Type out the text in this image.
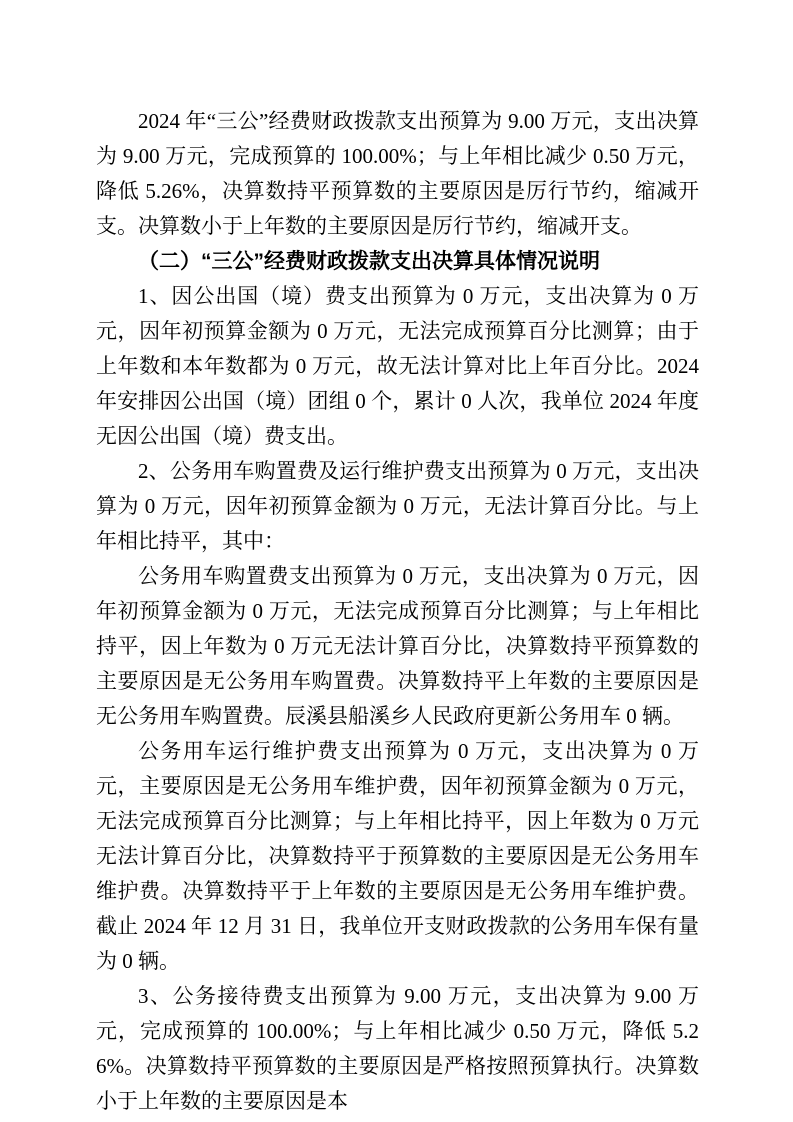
2024 年“三公”经费财政拨款支出预算为 9.00 万元，支出决算为 9.00 万元，完成预算的 100.00%；与上年相比减少 0.50 万元，降低 5.26%，决算数持平预算数的主要原因是厉行节约，缩减开支。决算数小于上年数的主要原因是厉行节约，缩减开支。

（二）“三公”经费财政拨款支出决算具体情况说明

1、因公出国（境）费支出预算为 0 万元，支出决算为 0 万元，因年初预算金额为 0 万元，无法完成预算百分比测算；由于上年数和本年数都为 0 万元，故无法计算对比上年百分比。2024 年安排因公出国（境）团组 0 个，累计 0 人次，我单位 2024 年度无因公出国（境）费支出。

2、公务用车购置费及运行维护费支出预算为 0 万元，支出决算为 0 万元，因年初预算金额为 0 万元，无法计算百分比。与上年相比持平，其中：

公务用车购置费支出预算为 0 万元，支出决算为 0 万元，因年初预算金额为 0 万元，无法完成预算百分比测算；与上年相比持平，因上年数为 0 万元无法计算百分比，决算数持平预算数的主要原因是无公务用车购置费。决算数持平上年数的主要原因是无公务用车购置费。辰溪县船溪乡人民政府更新公务用车 0 辆。

公务用车运行维护费支出预算为 0 万元，支出决算为 0 万元，主要原因是无公务用车维护费，因年初预算金额为 0 万元，无法完成预算百分比测算；与上年相比持平，因上年数为 0 万元无法计算百分比，决算数持平于预算数的主要原因是无公务用车维护费。决算数持平于上年数的主要原因是无公务用车维护费。截止 2024 年 12 月 31 日，我单位开支财政拨款的公务用车保有量为 0 辆。

3、公务接待费支出预算为 9.00 万元，支出决算为 9.00 万元，完成预算的 100.00%；与上年相比减少 0.50 万元，降低 5.26%。决算数持平预算数的主要原因是严格按照预算执行。决算数小于上年数的主要原因是本
